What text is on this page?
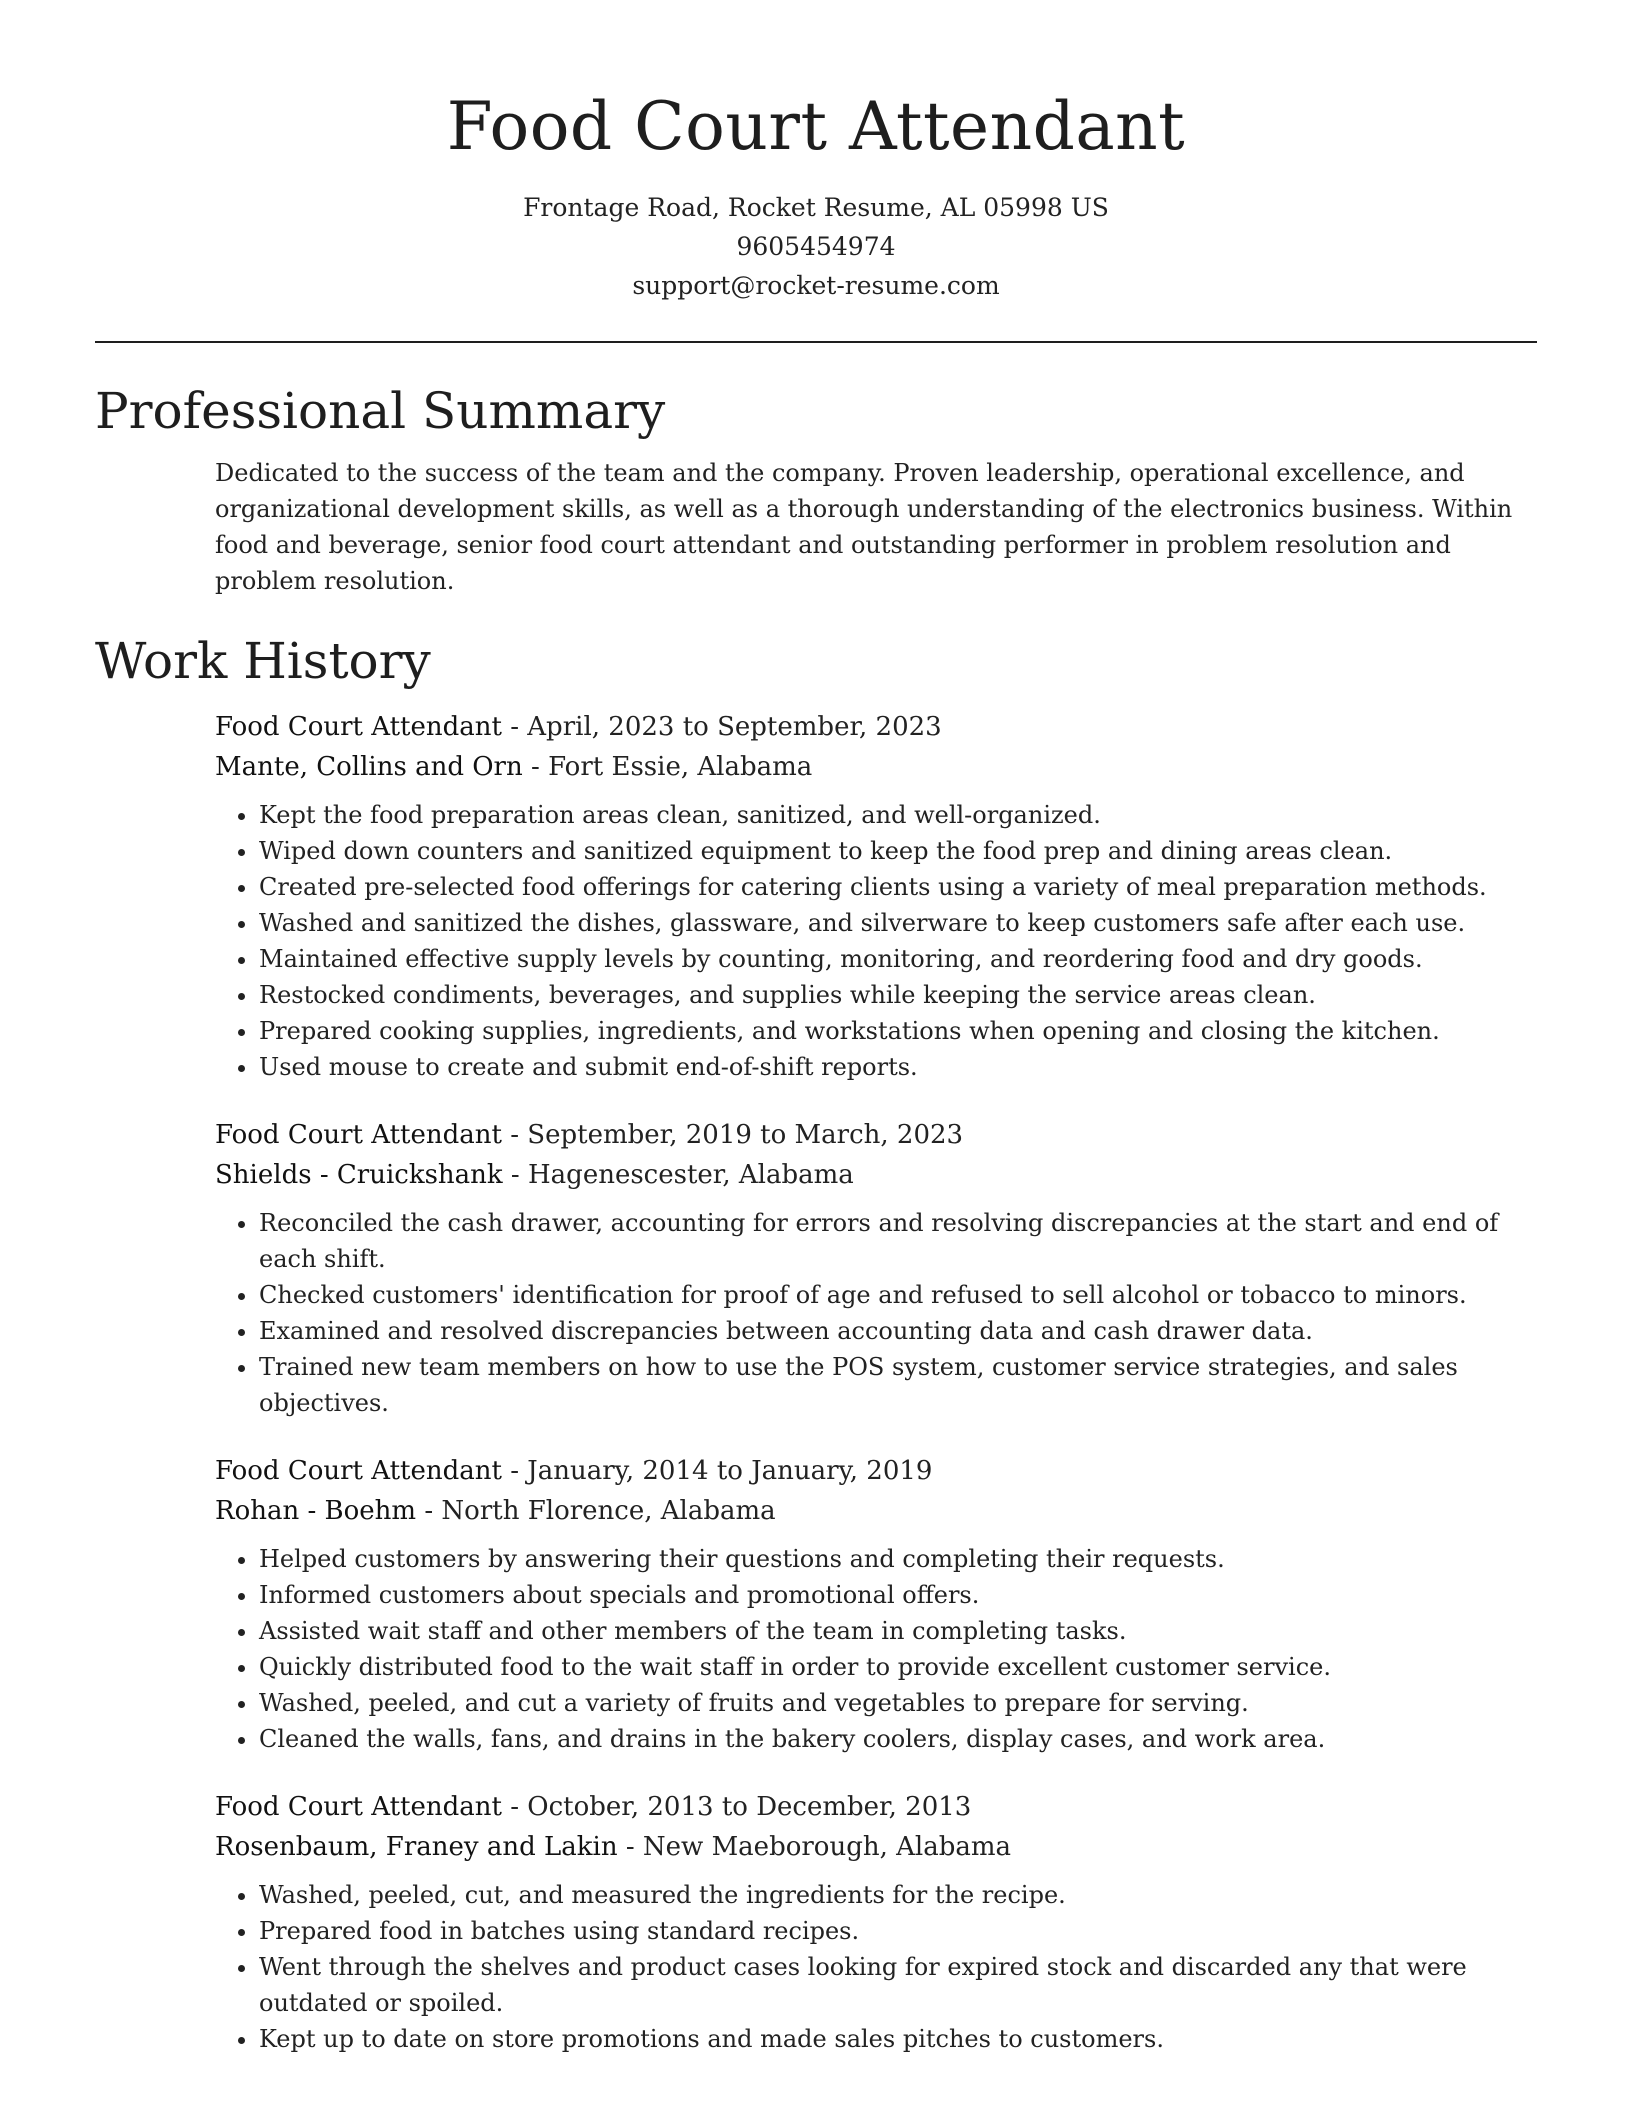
Food Court Attendant
Frontage Road, Rocket Resume, AL 05998 US
9605454974
support@rocket-resume.com
Professional Summary

Dedicated to the success of the team and the company. Proven leadership, operational excellence, and organizational development skills, as well as a thorough understanding of the electronics business. Within food and beverage, senior food court attendant and outstanding performer in problem resolution and problem resolution.

Work History
Food Court Attendant - April, 2023 to September, 2023
Mante, Collins and Orn - Fort Essie, Alabama
• Kept the food preparation areas clean, sanitized, and well-organized.
• Wiped down counters and sanitized equipment to keep the food prep and dining areas clean.
• Created pre-selected food offerings for catering clients using a variety of meal preparation methods.
• Washed and sanitized the dishes, glassware, and silverware to keep customers safe after each use.
• Maintained effective supply levels by counting, monitoring, and reordering food and dry goods.
• Restocked condiments, beverages, and supplies while keeping the service areas clean.
• Prepared cooking supplies, ingredients, and workstations when opening and closing the kitchen.
• Used mouse to create and submit end-of-shift reports.
Food Court Attendant - September, 2019 to March, 2023
Shields - Cruickshank - Hagenescester, Alabama
• Reconciled the cash drawer, accounting for errors and resolving discrepancies at the start and end of each shift.
• Checked customers' identification for proof of age and refused to sell alcohol or tobacco to minors.
• Examined and resolved discrepancies between accounting data and cash drawer data.
• Trained new team members on how to use the POS system, customer service strategies, and sales objectives.
Food Court Attendant - January, 2014 to January, 2019
Rohan - Boehm - North Florence, Alabama
• Helped customers by answering their questions and completing their requests.
• Informed customers about specials and promotional offers.
• Assisted wait staff and other members of the team in completing tasks.
• Quickly distributed food to the wait staff in order to provide excellent customer service.
• Washed, peeled, and cut a variety of fruits and vegetables to prepare for serving.
• Cleaned the walls, fans, and drains in the bakery coolers, display cases, and work area.
Food Court Attendant - October, 2013 to December, 2013
Rosenbaum, Franey and Lakin - New Maeborough, Alabama
• Washed, peeled, cut, and measured the ingredients for the recipe.
• Prepared food in batches using standard recipes.
• Went through the shelves and product cases looking for expired stock and discarded any that were outdated or spoiled.
• Kept up to date on store promotions and made sales pitches to customers.
